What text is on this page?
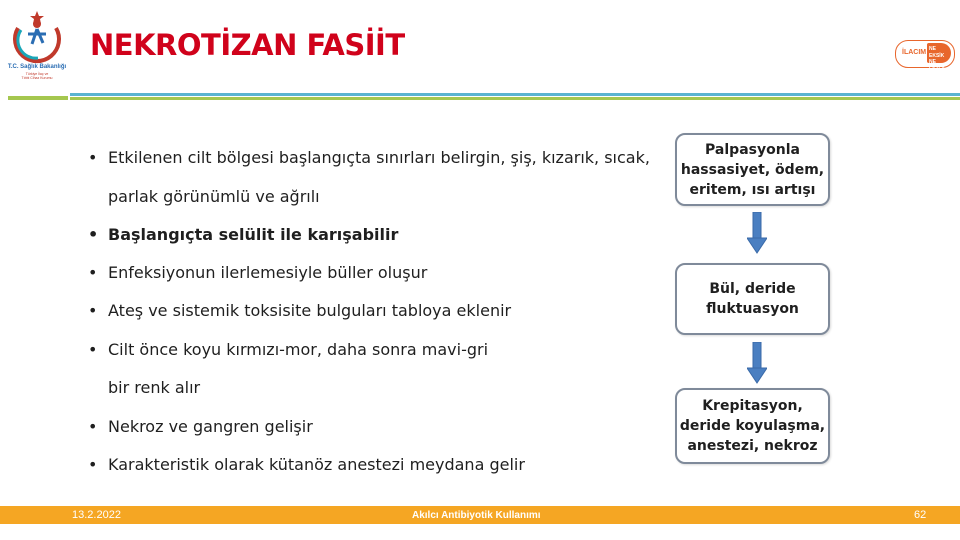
T.C. Sağlık Bakanlığı
Türkiye İlaç ve
Tıbbi Cihaz Kurumu
NEKROTİZAN FASİİT	İLACIM NE EKSİK
NE FAZLA
• Etkilenen cilt bölgesi başlangıçta sınırları belirgin, şiş, kızarık, sıcak,
parlak görünümlü ve ağrılı
• Başlangıçta selülit ile karışabilir
• Enfeksiyonun ilerlemesiyle büller oluşur
• Ateş ve sistemik toksisite bulguları tabloya eklenir
• Cilt önce koyu kırmızı-mor, daha sonra mavi-gri
bir renk alır
• Nekroz ve gangren gelişir
• Karakteristik olarak kütanöz anestezi meydana gelir
Palpasyonla hassasiyet, ödem, eritem, ısı artışı
Bül, deride fluktuasyon
Krepitasyon, deride koyulaşma, anestezi, nekroz
13.2.2022	Akılcı Antibiyotik Kullanımı	62
